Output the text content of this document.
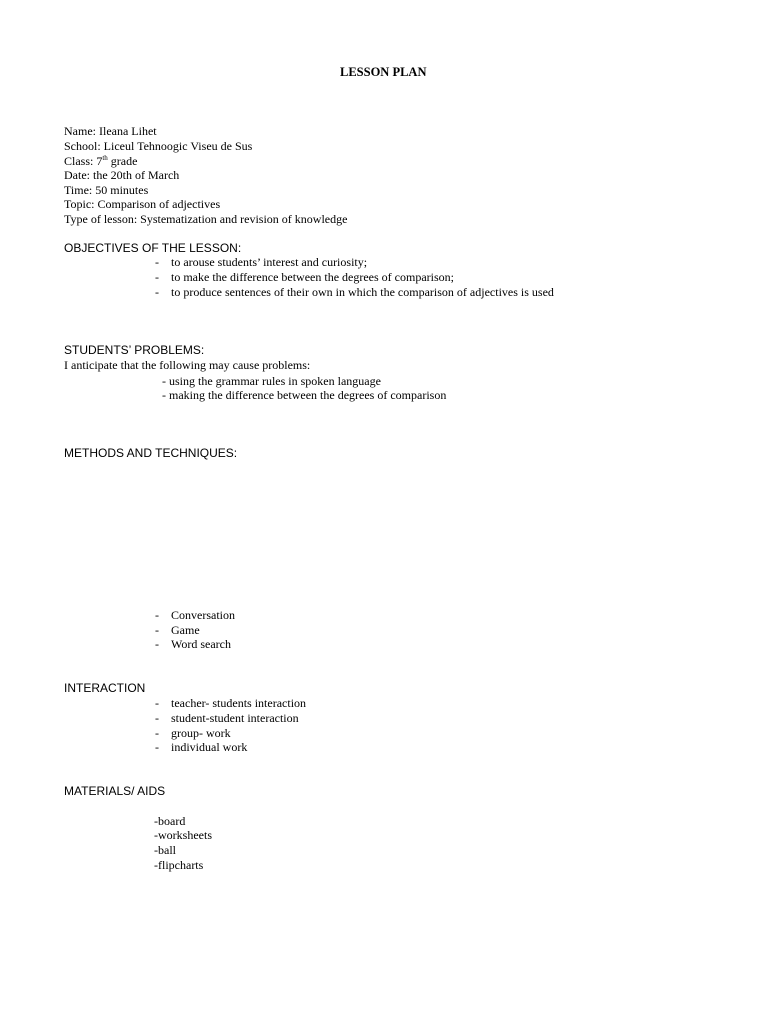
LESSON PLAN
Name: Ileana Lihet
School: Liceul Tehnoogic Viseu de Sus
Class: 7th grade
Date: the 20th of March
Time: 50 minutes
Topic: Comparison of adjectives
Type of lesson: Systematization and revision of knowledge
OBJECTIVES OF THE LESSON:
- to arouse students’ interest and curiosity;
- to make the difference between the degrees of comparison;
- to produce sentences of their own in which the comparison of adjectives is used
STUDENTS’ PROBLEMS:
I anticipate that the following may cause problems:
- using the grammar rules in spoken language
- making the difference between the degrees of comparison
METHODS AND TECHNIQUES:
- Conversation
- Game
- Word search
INTERACTION
- teacher- students interaction
- student-student interaction
- group- work
- individual work
MATERIALS/ AIDS
-board
-worksheets
-ball
-flipcharts
